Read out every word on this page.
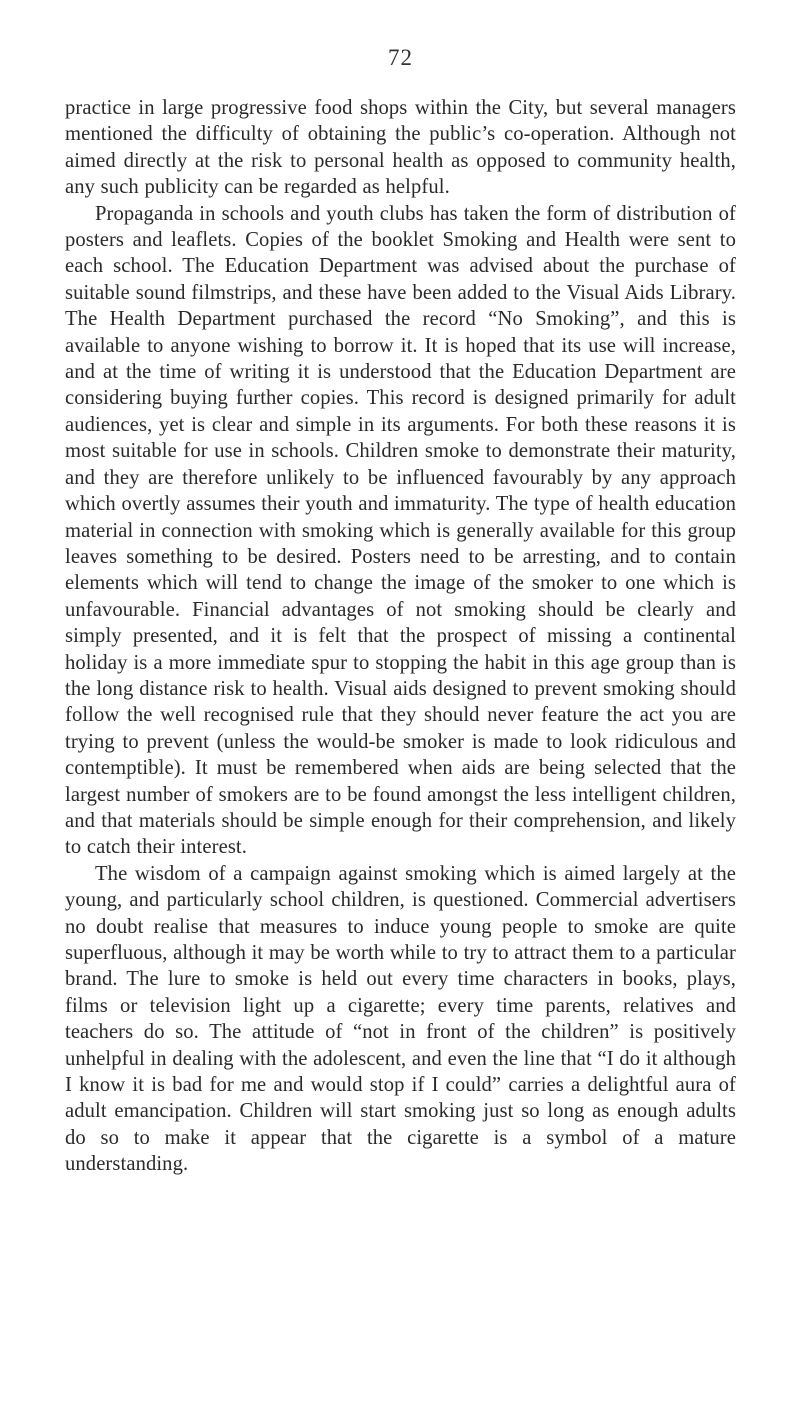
72

practice in large progressive food shops within the City, but several managers mentioned the difficulty of obtaining the public’s co-operation. Although not aimed directly at the risk to personal health as opposed to community health, any such publicity can be regarded as helpful.

Propaganda in schools and youth clubs has taken the form of distribution of posters and leaflets. Copies of the booklet Smoking and Health were sent to each school. The Education Department was advised about the purchase of suitable sound filmstrips, and these have been added to the Visual Aids Library. The Health Department purchased the record “No Smoking”, and this is available to anyone wishing to borrow it. It is hoped that its use will increase, and at the time of writing it is understood that the Education Department are considering buying further copies. This record is designed primarily for adult audiences, yet is clear and simple in its arguments. For both these reasons it is most suitable for use in schools. Children smoke to demonstrate their maturity, and they are therefore unlikely to be influenced favourably by any approach which overtly assumes their youth and immaturity. The type of health education material in connection with smoking which is generally available for this group leaves something to be desired. Posters need to be arresting, and to contain elements which will tend to change the image of the smoker to one which is unfavourable. Financial advantages of not smoking should be clearly and simply presented, and it is felt that the prospect of missing a continental holiday is a more immediate spur to stopping the habit in this age group than is the long distance risk to health. Visual aids designed to prevent smoking should follow the well recognised rule that they should never feature the act you are trying to prevent (unless the would-be smoker is made to look ridiculous and contemptible). It must be remembered when aids are being selected that the largest number of smokers are to be found amongst the less intelligent children, and that materials should be simple enough for their comprehension, and likely to catch their interest.

The wisdom of a campaign against smoking which is aimed largely at the young, and particularly school children, is questioned. Commercial advertisers no doubt realise that measures to induce young people to smoke are quite superfluous, although it may be worth while to try to attract them to a particular brand. The lure to smoke is held out every time characters in books, plays, films or television light up a cigarette; every time parents, relatives and teachers do so. The attitude of “not in front of the children” is positively unhelpful in dealing with the adolescent, and even the line that “I do it although I know it is bad for me and would stop if I could” carries a delightful aura of adult emancipation. Children will start smoking just so long as enough adults do so to make it appear that the cigarette is a symbol of a mature understanding.
